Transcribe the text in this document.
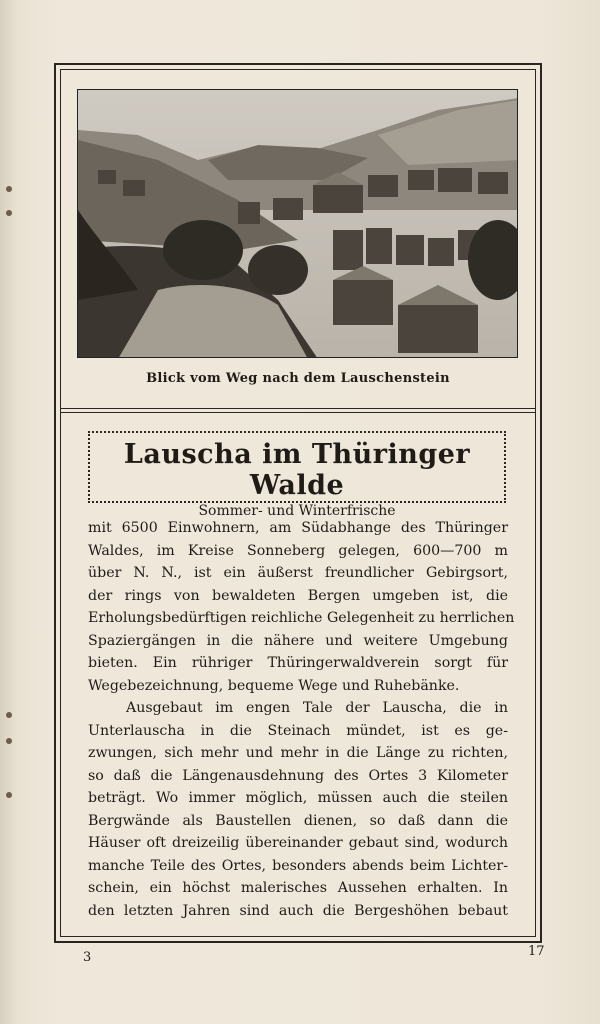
Blick vom Weg nach dem Lauschenstein
Lauscha im Thüringer Walde
Sommer- und Winterfrische
mit 6500 Einwohnern, am Südabhange des Thüringer
Waldes, im Kreise Sonneberg gelegen, 600—700 m
über N. N., ist ein äußerst freundlicher Gebirgsort,
der rings von bewaldeten Bergen umgeben ist, die
Erholungsbedürftigen reichliche Gelegenheit zu herrlichen
Spaziergängen in die nähere und weitere Umgebung
bieten. Ein rühriger Thüringerwaldverein sorgt für
Wegebezeichnung, bequeme Wege und Ruhebänke.
Ausgebaut im engen Tale der Lauscha, die in
Unterlauscha in die Steinach mündet, ist es ge-
zwungen, sich mehr und mehr in die Länge zu richten,
so daß die Längenausdehnung des Ortes 3 Kilometer
beträgt. Wo immer möglich, müssen auch die steilen
Bergwände als Baustellen dienen, so daß dann die
Häuser oft dreizeilig übereinander gebaut sind, wodurch
manche Teile des Ortes, besonders abends beim Lichter-
schein, ein höchst malerisches Aussehen erhalten. In
den letzten Jahren sind auch die Bergeshöhen bebaut
3	17
